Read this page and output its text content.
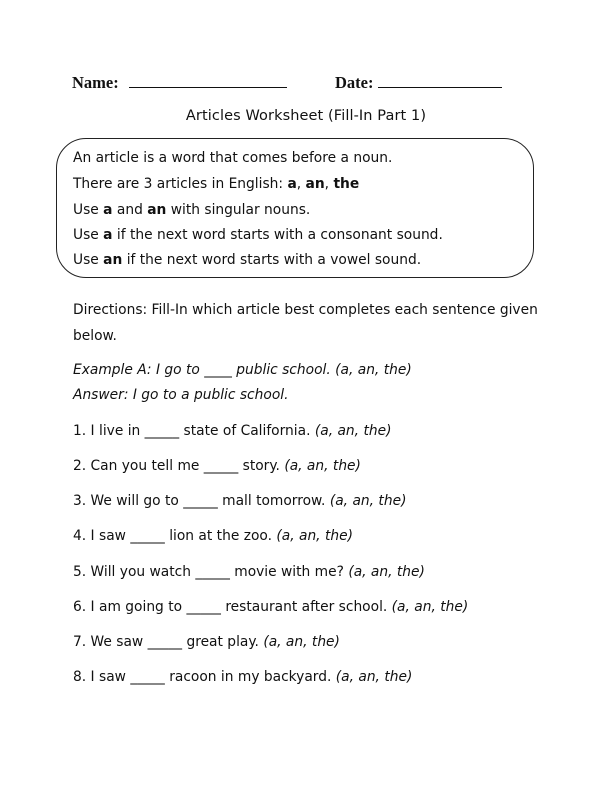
Name:	Date:
Articles Worksheet (Fill-In Part 1)
An article is a word that comes before a noun.
There are 3 articles in English: a, an, the
Use a and an with singular nouns.
Use a if the next word starts with a consonant sound.
Use an if the next word starts with a vowel sound.
Directions: Fill-In which article best completes each sentence given below.
Example A: I go to ____ public school. (a, an, the)
Answer: I go to a public school.
1. I live in _____ state of California. (a, an, the)
2. Can you tell me _____ story. (a, an, the)
3. We will go to _____ mall tomorrow. (a, an, the)
4. I saw _____ lion at the zoo. (a, an, the)
5. Will you watch _____ movie with me? (a, an, the)
6. I am going to _____ restaurant after school. (a, an, the)
7. We saw _____ great play. (a, an, the)
8. I saw _____ racoon in my backyard. (a, an, the)
